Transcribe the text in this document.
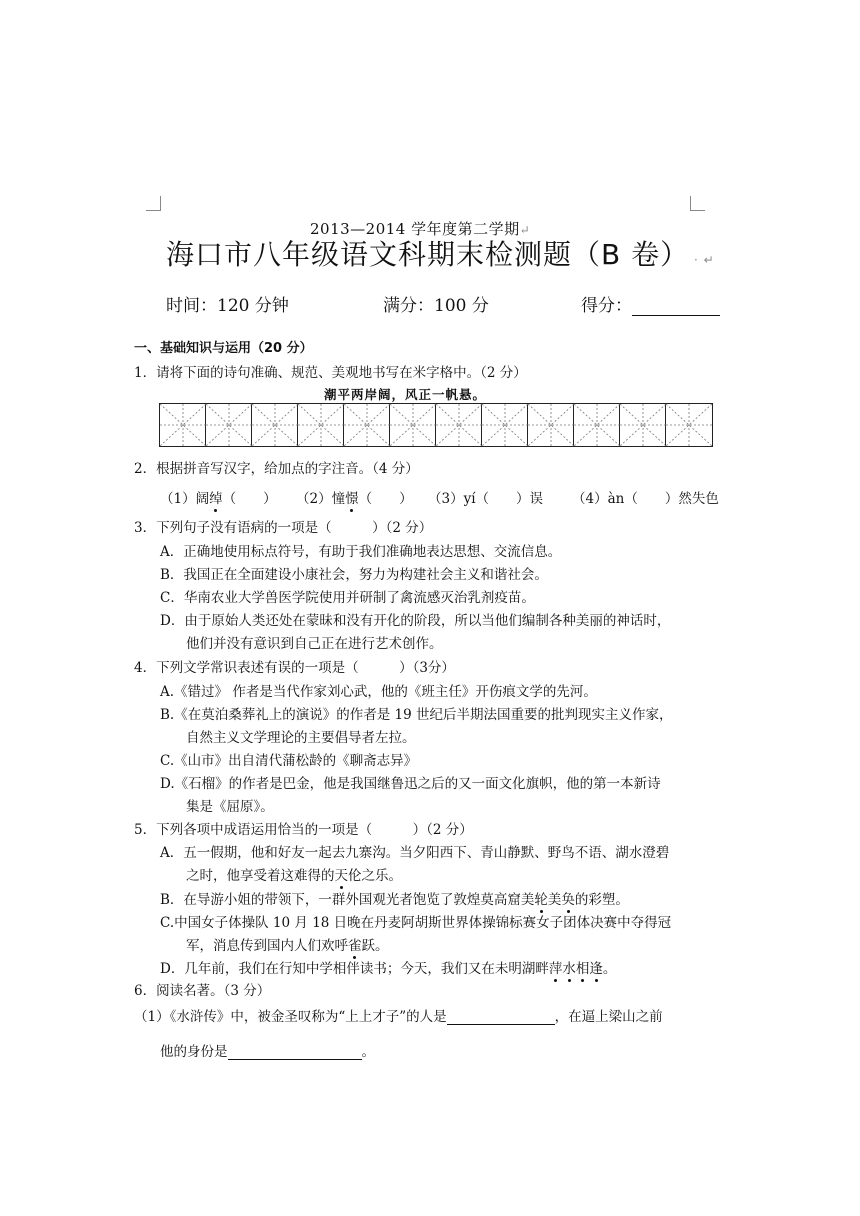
2013—2014 学年度第二学期↵
海口市八年级语文科期末检测题（B 卷） · ↵
时间：120 分钟	满分：100 分	得分：
一、基础知识与运用（20 分）
1．请将下面的诗句准确、规范、美观地书写在米字格中。（2 分）
潮平两岸阔，风正一帆悬。
2．根据拼音写汉字，给加点的字注音。（4 分）
（1）阔绰（　　） （2）憧憬（　　） （3）yí（　　）误 （4）àn（　　）然失色
3．下列句子没有语病的一项是（　　　）（2 分）
A．正确地使用标点符号，有助于我们准确地表达思想、交流信息。
B．我国正在全面建设小康社会，努力为构建社会主义和谐社会。
C．华南农业大学兽医学院使用并研制了禽流感灭治乳剂疫苗。
D．由于原始人类还处在蒙昧和没有开化的阶段，所以当他们编制各种美丽的神话时，
他们并没有意识到自己正在进行艺术创作。
4．下列文学常识表述有误的一项是（　　　）（3分）
A.《错过》 作者是当代作家刘心武，他的《班主任》开伤痕文学的先河。
B.《在莫泊桑葬礼上的演说》的作者是 19 世纪后半期法国重要的批判现实主义作家，
自然主义文学理论的主要倡导者左拉。
C.《山市》出自清代蒲松龄的《聊斋志异》
D.《石榴》的作者是巴金，他是我国继鲁迅之后的又一面文化旗帜，他的第一本新诗
集是《屈原》。
5．下列各项中成语运用恰当的一项是（　　　）（2 分）
A．五一假期，他和好友一起去九寨沟。当夕阳西下、青山静默、野鸟不语、湖水澄碧
之时，他享受着这难得的天伦之乐。
B．在导游小姐的带领下，一群外国观光者饱览了敦煌莫高窟美轮美奂的彩塑。
C.中国女子体操队 10 月 18 日晚在丹麦阿胡斯世界体操锦标赛女子团体决赛中夺得冠
军，消息传到国内人们欢呼雀跃。
D．几年前，我们在行知中学相伴读书；今天，我们又在未明湖畔萍水相逢。
6．阅读名著。（3 分）
（1）《水浒传》中，被金圣叹称为“上上才子”的人是	，在逼上梁山之前
他的身份是	。
